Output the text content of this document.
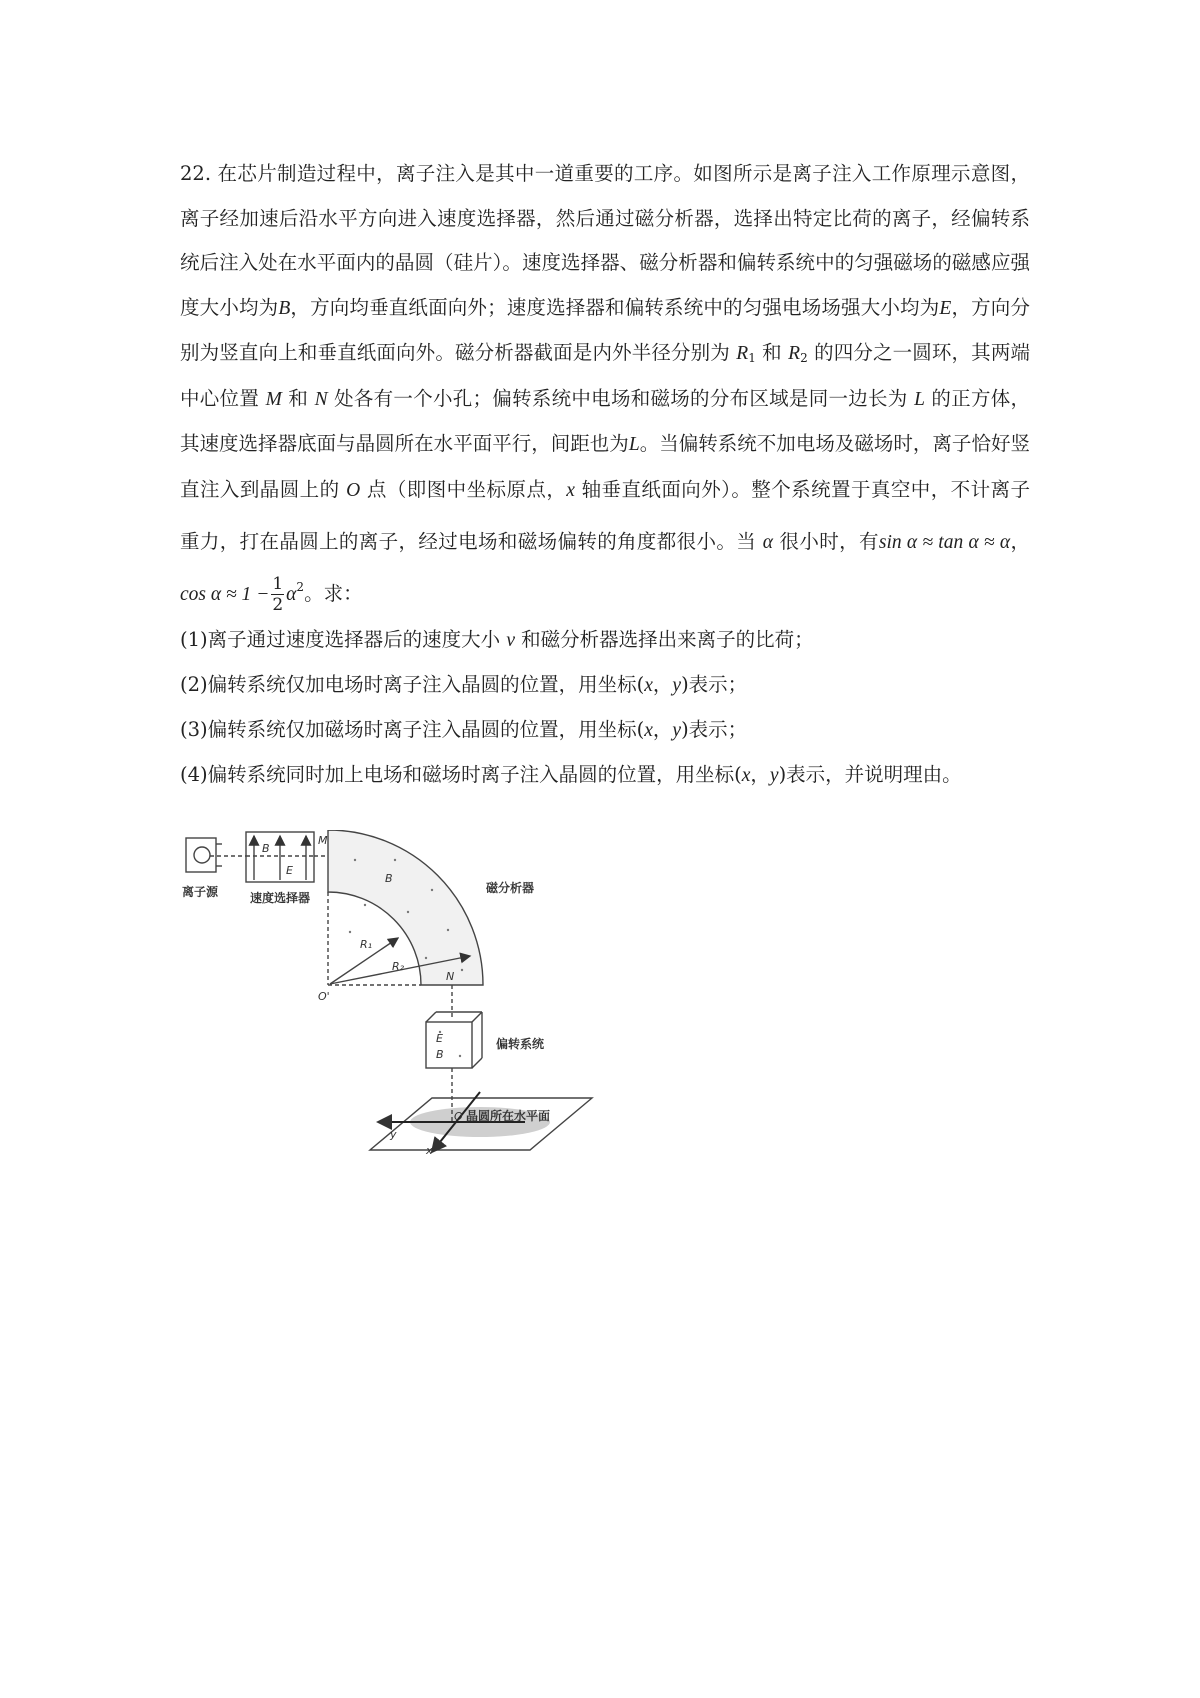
22. 在芯片制造过程中，离子注入是其中一道重要的工序。如图所示是离子注入工作原理示意图，离子经加速后沿水平方向进入速度选择器，然后通过磁分析器，选择出特定比荷的离子，经偏转系统后注入处在水平面内的晶圆（硅片）。速度选择器、磁分析器和偏转系统中的匀强磁场的磁感应强度大小均为B，方向均垂直纸面向外；速度选择器和偏转系统中的匀强电场场强大小均为E，方向分别为竖直向上和垂直纸面向外。磁分析器截面是内外半径分别为 $R_1$ 和 $R_2$ 的四分之一圆环，其两端中心位置 M 和 N 处各有一个小孔；偏转系统中电场和磁场的分布区域是同一边长为 L 的正方体，其速度选择器底面与晶圆所在水平面平行，间距也为L。当偏转系统不加电场及磁场时，离子恰好竖直注入到晶圆上的 O 点（即图中坐标原点，x 轴垂直纸面向外）。整个系统置于真空中，不计离子重力，打在晶圆上的离子，经过电场和磁场偏转的角度都很小。当 α 很小时，有sin α ≈ tan α ≈ α， $\cos \alpha \approx 1 - \frac{1}{2} \alpha^2$。求：

(1)离子通过速度选择器后的速度大小 v 和磁分析器选择出来离子的比荷；

(2)偏转系统仅加电场时离子注入晶圆的位置，用坐标(x，y)表示；

(3)偏转系统仅加磁场时离子注入晶圆的位置，用坐标(x，y)表示；

(4)偏转系统同时加上电场和磁场时离子注入晶圆的位置，用坐标(x，y)表示，并说明理由。

离子源	速度选择器
磁分析器
偏转系统
晶圆所在水平面
B
E
M
B
R₁
R₂
O'
N
E
B
O
y
x
